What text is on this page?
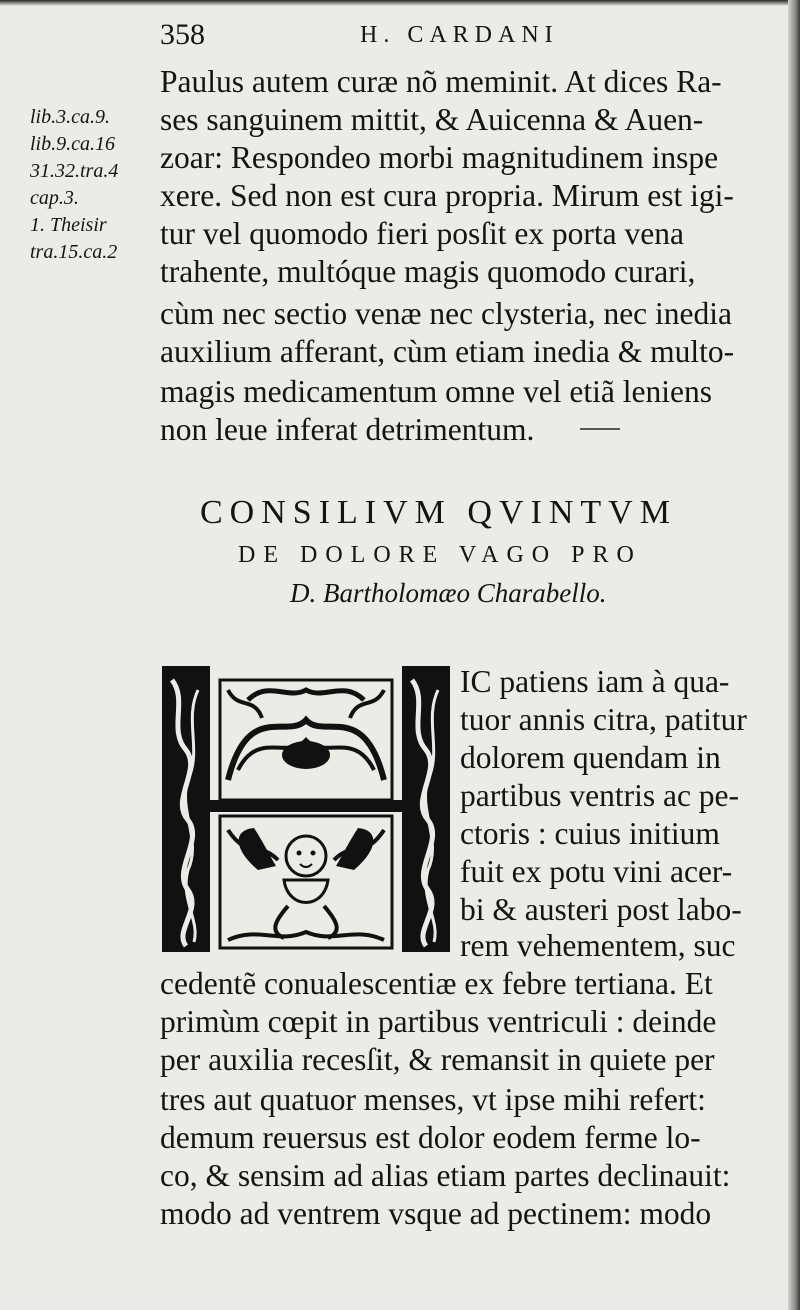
358	H. CARDANI
lib.3.ca.9.
lib.9.ca.16
31.32.tra.4
cap.3.
1. Theisir
tra.15.ca.2
Paulus autem curæ nõ meminit. At dices Ra-
ses sanguinem mittit, & Auicenna & Auen-
zoar: Respondeo morbi magnitudinem inspe
xere. Sed non est cura propria. Mirum est igi-
tur vel quomodo fieri posſit ex porta vena
trahente, multóque magis quomodo curari,
cùm nec sectio venæ nec clysteria, nec inedia
auxilium afferant, cùm etiam inedia & multo-
magis medicamentum omne vel etiã leniens
non leue inferat detrimentum.
CONSILIVM QVINTVM
DE DOLORE VAGO PRO
D. Bartholomæo Charabello.
IC patiens iam à qua-
tuor annis citra, patitur
dolorem quendam in
partibus ventris ac pe-
ctoris : cuius initium
fuit ex potu vini acer-
bi & austeri post labo-
rem vehementem, suc
cedentẽ conualescentiæ ex febre tertiana. Et
primùm cœpit in partibus ventriculi : deinde
per auxilia recesſit, & remansit in quiete per
tres aut quatuor menses, vt ipse mihi refert:
demum reuersus est dolor eodem ferme lo-
co, & sensim ad alias etiam partes declinauit:
modo ad ventrem vsque ad pectinem: modo
